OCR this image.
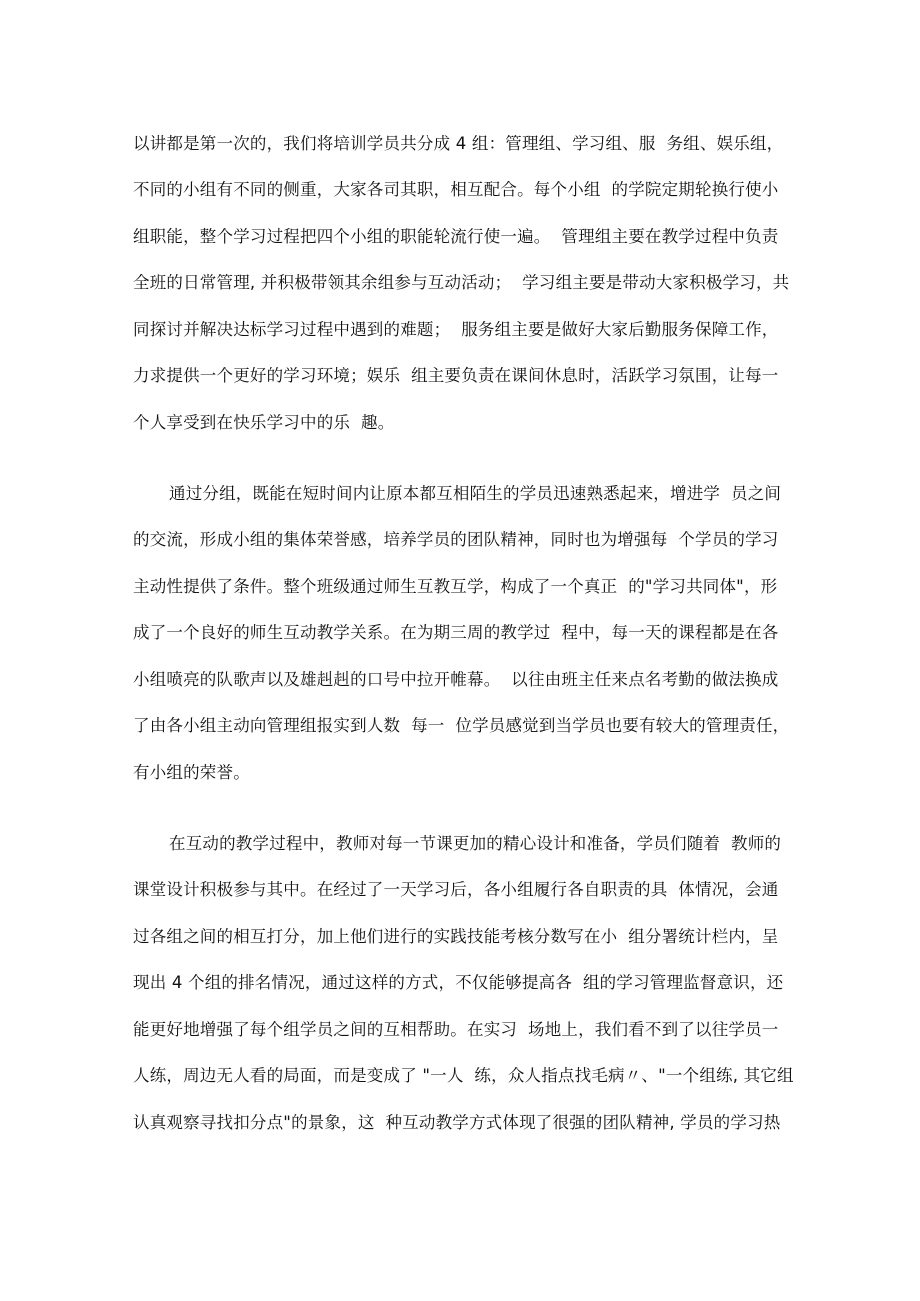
以讲都是第一次的，我们将培训学员共分成 4 组：管理组、学习组、服  务组、娱乐组，
不同的小组有不同的侧重，大家各司其职，相互配合。每个小组  的学院定期轮换行使小
组职能，整个学习过程把四个小组的职能轮流行使一遍。  管理组主要在教学过程中负责
全班的日常管理, 并积极带领其余组参与互动活动；  学习组主要是带动大家积极学习，共
同探讨并解决达标学习过程中遇到的难题；  服务组主要是做好大家后勤服务保障工作，
力求提供一个更好的学习环境；娱乐  组主要负责在课间休息时，活跃学习氛围，让每一
个人享受到在快乐学习中的乐  趣。
通过分组，既能在短时间内让原本都互相陌生的学员迅速熟悉起来，增进学  员之间
的交流，形成小组的集体荣誉感，培养学员的团队精神，同时也为增强每  个学员的学习
主动性提供了条件。整个班级通过师生互教互学，构成了一个真正  的"学习共同体"，形
成了一个良好的师生互动教学关系。在为期三周的教学过  程中，每一天的课程都是在各
小组喷亮的队歌声以及雄赳赳的口号中拉开帷幕。  以往由班主任来点名考勤的做法换成
了由各小组主动向管理组报实到人数  每一  位学员感觉到当学员也要有较大的管理责任，
有小组的荣誉。
在互动的教学过程中，教师对每一节课更加的精心设计和准备，学员们随着  教师的
课堂设计积极参与其中。在经过了一天学习后，各小组履行各自职责的具  体情况，会通
过各组之间的相互打分，加上他们进行的实践技能考核分数写在小  组分署统计栏内，呈
现出 4 个组的排名情况，通过这样的方式，不仅能够提高各  组的学习管理监督意识，还
能更好地增强了每个组学员之间的互相帮助。在实习  场地上，我们看不到了以往学员一
人练，周边无人看的局面，而是变成了 "一人  练，众人指点找毛病〃、"一个组练, 其它组
认真观察寻找扣分点"的景象，这  种互动教学方式体现了很强的团队精神, 学员的学习热
